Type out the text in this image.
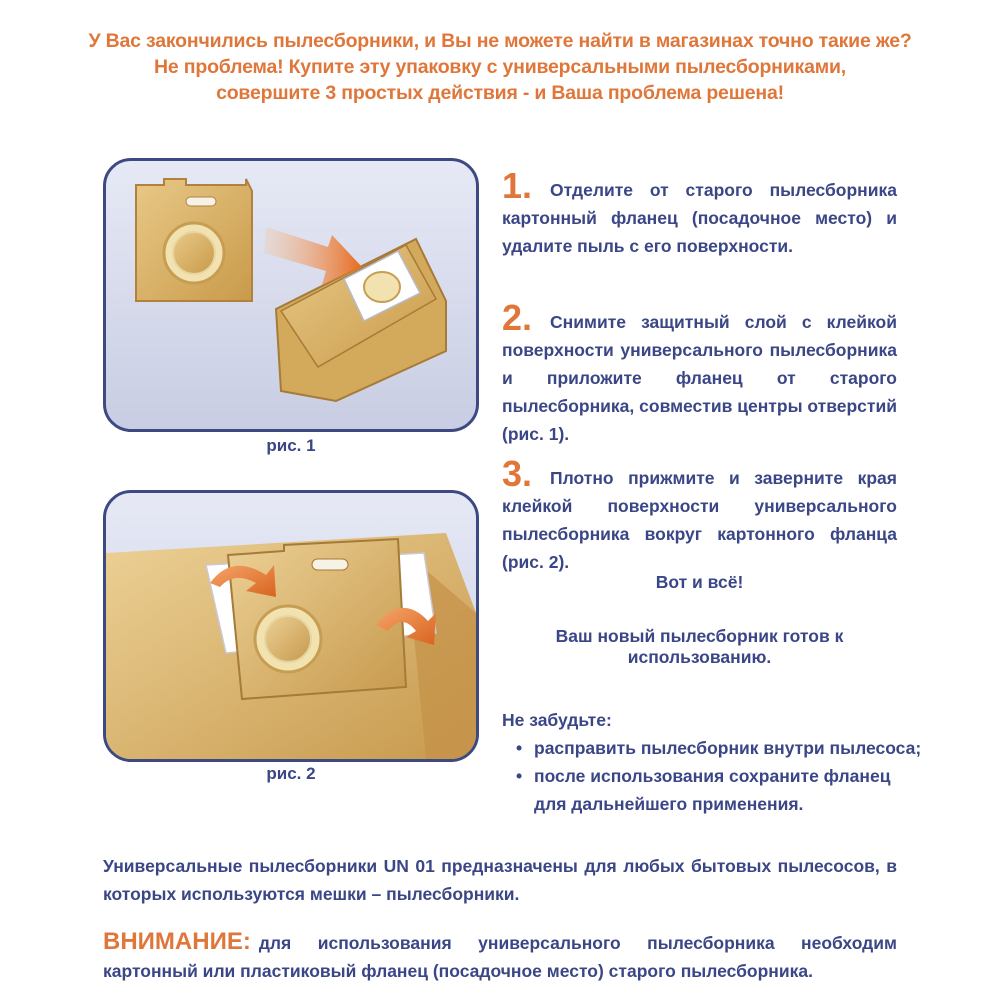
У Вас закончились пылесборники, и Вы не можете найти в магазинах точно такие же?
Не проблема! Купите эту упаковку с универсальными пылесборниками,
совершите 3 простых действия - и Ваша проблема решена!
рис. 1
рис. 2
1. Отделите от старого пылесборника картонный фланец (посадочное место) и удалите пыль с его поверхности.
2. Снимите защитный слой с клейкой поверхности универсального пылесборника и приложите фланец от старого пылесборника, совместив центры отверстий (рис. 1).
3. Плотно прижмите и заверните края клейкой поверхности универсального пылесборника вокруг картонного фланца (рис. 2).
Вот и всё!
Ваш новый пылесборник готов к использованию.
Не забудьте:
• расправить пылесборник внутри пылесоса;
• после использования сохраните фланец для дальнейшего применения.
Универсальные пылесборники UN 01 предназначены для любых бытовых пылесосов, в которых используются мешки – пылесборники.
ВНИМАНИЕ: для использования универсального пылесборника необходим картонный или пластиковый фланец (посадочное место) старого пылесборника.
